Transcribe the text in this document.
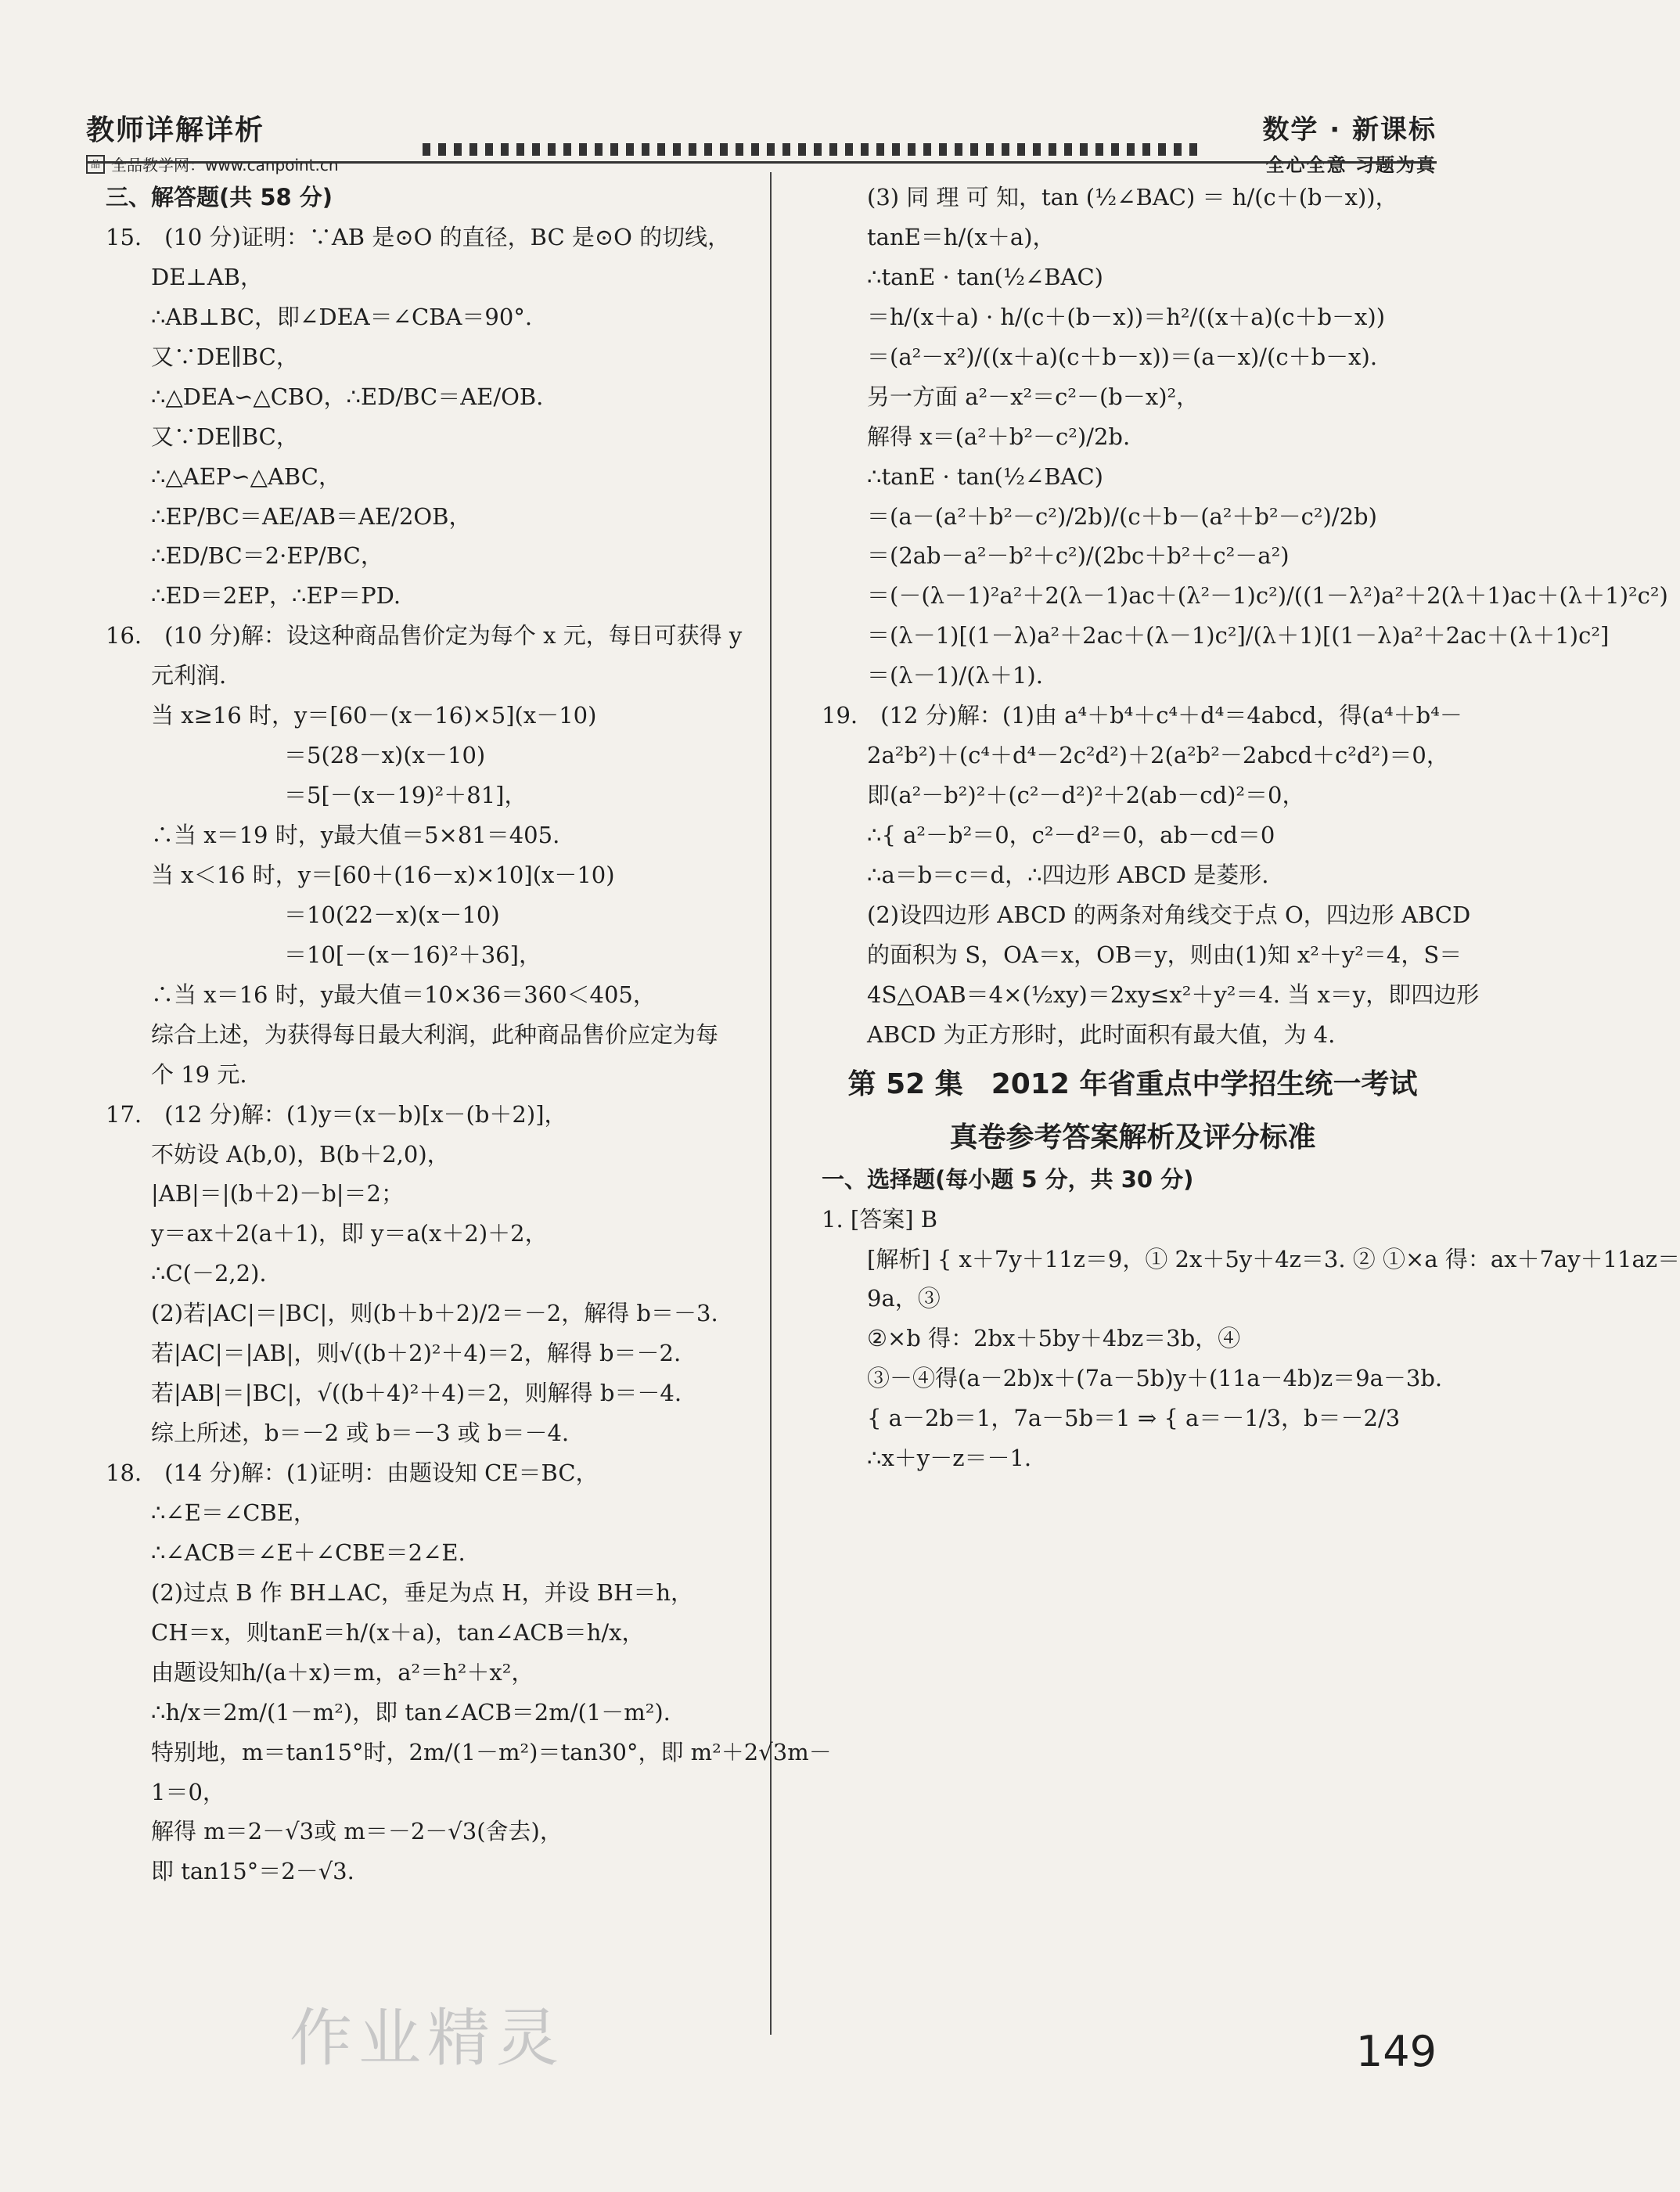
教师详解详析
品 全品教学网：www.canpoint.cn
数学 · 新课标
全心全意 习题为真
三、解答题(共 58 分)
15.　(10 分)证明：∵AB 是⊙O 的直径，BC 是⊙O 的切线，
DE⊥AB，
∴AB⊥BC，即∠DEA＝∠CBA＝90°.
又∵DE∥BC，
∴△DEA∽△CBO，∴ED/BC＝AE/OB.
又∵DE∥BC，
∴△AEP∽△ABC，
∴EP/BC＝AE/AB＝AE/2OB，
∴ED/BC＝2·EP/BC，
∴ED＝2EP，∴EP＝PD.
16.　(10 分)解：设这种商品售价定为每个 x 元，每日可获得 y
元利润.
当 x≥16 时，y＝[60－(x－16)×5](x－10)
＝5(28－x)(x－10)
＝5[－(x－19)²＋81]，
∴当 x＝19 时，y最大值＝5×81＝405.
当 x＜16 时，y＝[60＋(16－x)×10](x－10)
＝10(22－x)(x－10)
＝10[－(x－16)²＋36]，
∴当 x＝16 时，y最大值＝10×36＝360＜405，
综合上述，为获得每日最大利润，此种商品售价应定为每
个 19 元.
17.　(12 分)解：(1)y＝(x－b)[x－(b＋2)]，
不妨设 A(b,0)，B(b＋2,0)，
|AB|＝|(b＋2)－b|＝2；
y＝ax＋2(a＋1)，即 y＝a(x＋2)＋2，
∴C(－2,2).
(2)若|AC|＝|BC|，则(b＋b＋2)/2＝－2，解得 b＝－3.
若|AC|＝|AB|，则√((b＋2)²＋4)＝2，解得 b＝－2.
若|AB|＝|BC|，√((b＋4)²＋4)＝2，则解得 b＝－4.
综上所述，b＝－2 或 b＝－3 或 b＝－4.
18.　(14 分)解：(1)证明：由题设知 CE＝BC，
∴∠E＝∠CBE，
∴∠ACB＝∠E＋∠CBE＝2∠E.
(2)过点 B 作 BH⊥AC，垂足为点 H，并设 BH＝h，
CH＝x，则tanE＝h/(x＋a)，tan∠ACB＝h/x，
由题设知h/(a＋x)＝m，a²＝h²＋x²，
∴h/x＝2m/(1－m²)，即 tan∠ACB＝2m/(1－m²).
特别地，m＝tan15°时，2m/(1－m²)＝tan30°，即 m²＋2√3m－
1＝0，
解得 m＝2－√3或 m＝－2－√3(舍去)，
即 tan15°＝2－√3.
(3) 同 理 可 知，tan (½∠BAC) ＝ h/(c＋(b－x))，
tanE＝h/(x＋a)，
∴tanE · tan(½∠BAC)
＝h/(x＋a) · h/(c＋(b－x))＝h²/((x＋a)(c＋b－x))
＝(a²－x²)/((x＋a)(c＋b－x))＝(a－x)/(c＋b－x).
另一方面 a²－x²＝c²－(b－x)²，
解得 x＝(a²＋b²－c²)/2b.
∴tanE · tan(½∠BAC)
＝(a－(a²＋b²－c²)/2b)/(c＋b－(a²＋b²－c²)/2b)
＝(2ab－a²－b²＋c²)/(2bc＋b²＋c²－a²)
＝(－(λ－1)²a²＋2(λ－1)ac＋(λ²－1)c²)/((1－λ²)a²＋2(λ＋1)ac＋(λ＋1)²c²)
＝(λ－1)[(1－λ)a²＋2ac＋(λ－1)c²]/(λ＋1)[(1－λ)a²＋2ac＋(λ＋1)c²]
＝(λ－1)/(λ＋1).
19.　(12 分)解：(1)由 a⁴＋b⁴＋c⁴＋d⁴＝4abcd，得(a⁴＋b⁴－
2a²b²)＋(c⁴＋d⁴－2c²d²)＋2(a²b²－2abcd＋c²d²)＝0，
即(a²－b²)²＋(c²－d²)²＋2(ab－cd)²＝0，
∴{ a²－b²＝0，c²－d²＝0，ab－cd＝0
∴a＝b＝c＝d，∴四边形 ABCD 是菱形.
(2)设四边形 ABCD 的两条对角线交于点 O，四边形 ABCD
的面积为 S，OA＝x，OB＝y，则由(1)知 x²＋y²＝4，S＝
4S△OAB＝4×(½xy)＝2xy≤x²＋y²＝4. 当 x＝y，即四边形
ABCD 为正方形时，此时面积有最大值，为 4.
第 52 集　2012 年省重点中学招生统一考试
真卷参考答案解析及评分标准
一、选择题(每小题 5 分，共 30 分)
1. [答案] B
[解析] { x＋7y＋11z＝9，① 2x＋5y＋4z＝3. ② ①×a 得：ax＋7ay＋11az＝
9a，③
②×b 得：2bx＋5by＋4bz＝3b，④
③－④得(a－2b)x＋(7a－5b)y＋(11a－4b)z＝9a－3b.
{ a－2b＝1，7a－5b＝1 ⇒ { a＝－1/3，b＝－2/3
∴x＋y－z＝－1.
作业精灵	149
